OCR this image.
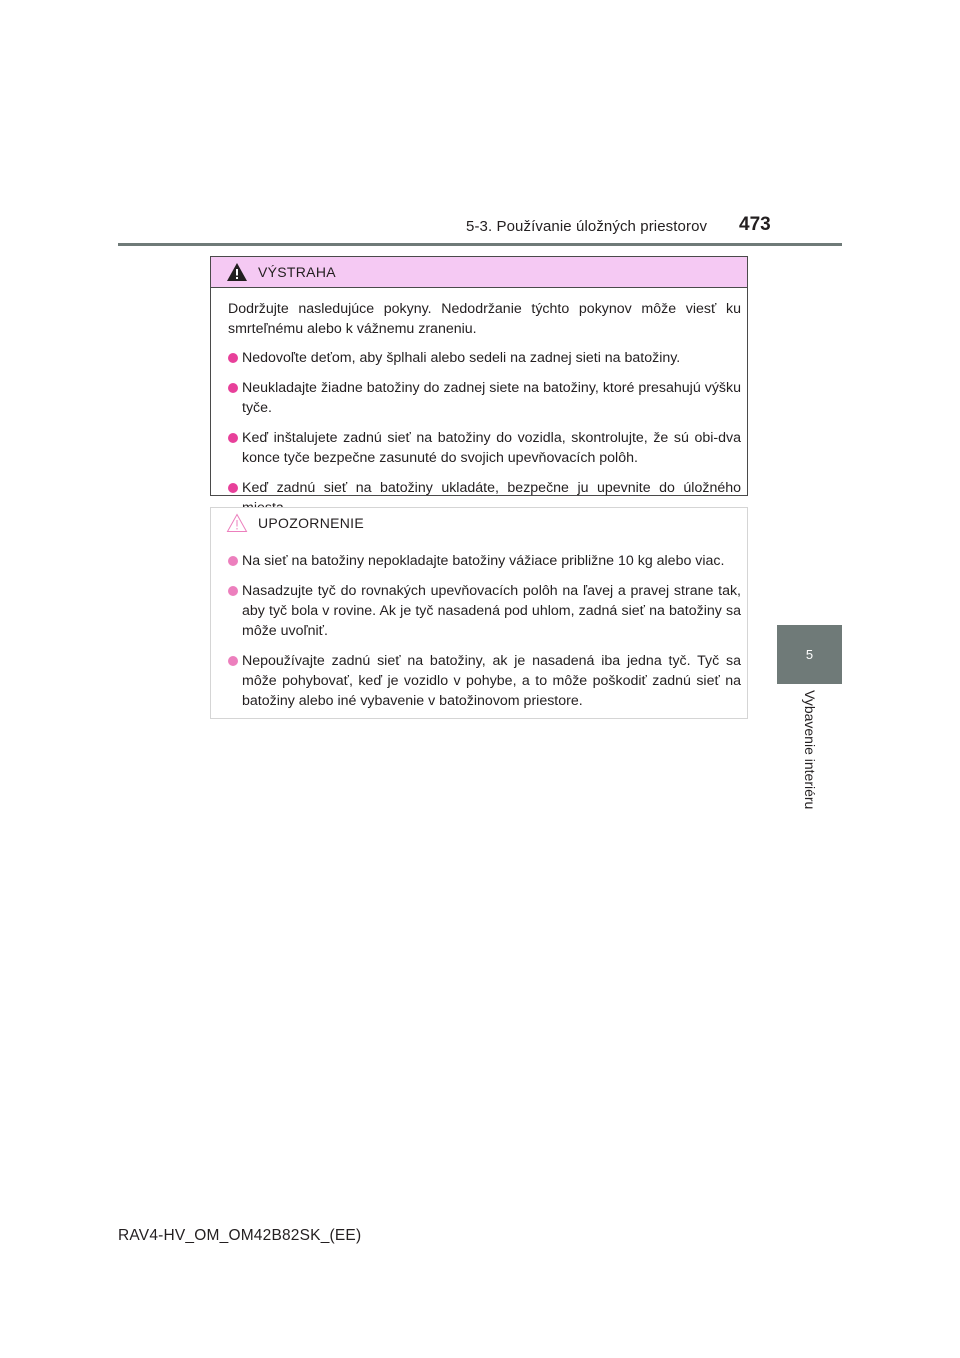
5-3. Používanie úložných priestorov 473
5
Vybavenie interiéru
VÝSTRAHA

Dodržujte nasledujúce pokyny. Nedodržanie týchto pokynov môže viesť ku smrteľnému alebo k vážnemu zraneniu.

Nedovoľte deťom, aby šplhali alebo sedeli na zadnej sieti na batožiny.

Neukladajte žiadne batožiny do zadnej siete na batožiny, ktoré presahujú výšku tyče.

Keď inštalujete zadnú sieť na batožiny do vozidla, skontrolujte, že sú obi-dva konce tyče bezpečne zasunuté do svojich upevňovacích polôh.

Keď zadnú sieť na batožiny ukladáte, bezpečne ju upevnite do úložného

UPOZORNENIE

Na sieť na batožiny nepokladajte batožiny vážiace približne 10 kg alebo viac.

Nasadzujte tyč do rovnakých upevňovacích polôh na ľavej a pravej strane tak, aby tyč bola v rovine. Ak je tyč nasadená pod uhlom, zadná sieť na batožiny sa môže uvoľniť.

Nepoužívajte zadnú sieť na batožiny, ak je nasadená iba jedna tyč. Tyč sa môže pohybovať, keď je vozidlo v pohybe, a to môže poškodiť zadnú sieť na batožiny alebo iné vybavenie v batožinovom priestore.

RAV4-HV_OM_OM42B82SK_(EE)
